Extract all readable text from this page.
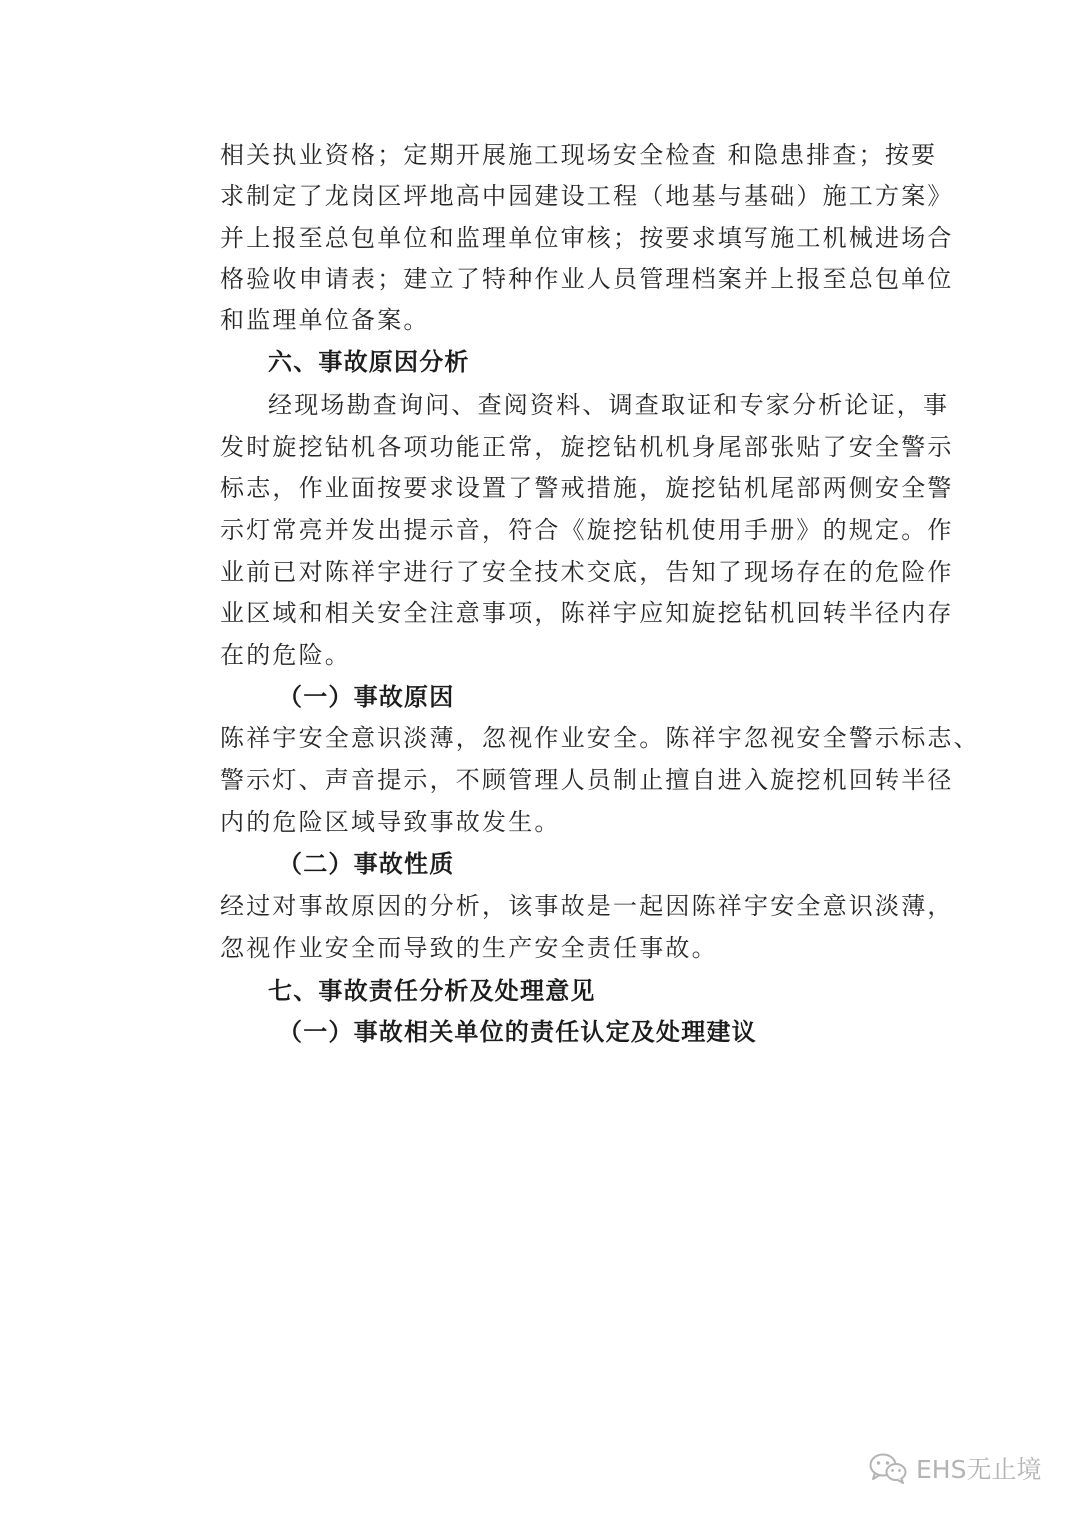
相关执业资格；定期开展施工现场安全检查 和隐患排查；按要
求制定了龙岗区坪地高中园建设工程（地基与基础）施工方案》
并上报至总包单位和监理单位审核；按要求填写施工机械进场合
格验收申请表；建立了特种作业人员管理档案并上报至总包单位
和监理单位备案。
六、事故原因分析
经现场勘查询问、查阅资料、调查取证和专家分析论证，事
发时旋挖钻机各项功能正常，旋挖钻机机身尾部张贴了安全警示
标志，作业面按要求设置了警戒措施，旋挖钻机尾部两侧安全警
示灯常亮并发出提示音，符合《旋挖钻机使用手册》的规定。作
业前已对陈祥宇进行了安全技术交底，告知了现场存在的危险作
业区域和相关安全注意事项，陈祥宇应知旋挖钻机回转半径内存
在的危险。
（一）事故原因
陈祥宇安全意识淡薄，忽视作业安全。陈祥宇忽视安全警示标志、
警示灯、声音提示，不顾管理人员制止擅自进入旋挖机回转半径
内的危险区域导致事故发生。
（二）事故性质
经过对事故原因的分析，该事故是一起因陈祥宇安全意识淡薄，
忽视作业安全而导致的生产安全责任事故。
七、事故责任分析及处理意见
（一）事故相关单位的责任认定及处理建议
EHS无止境
